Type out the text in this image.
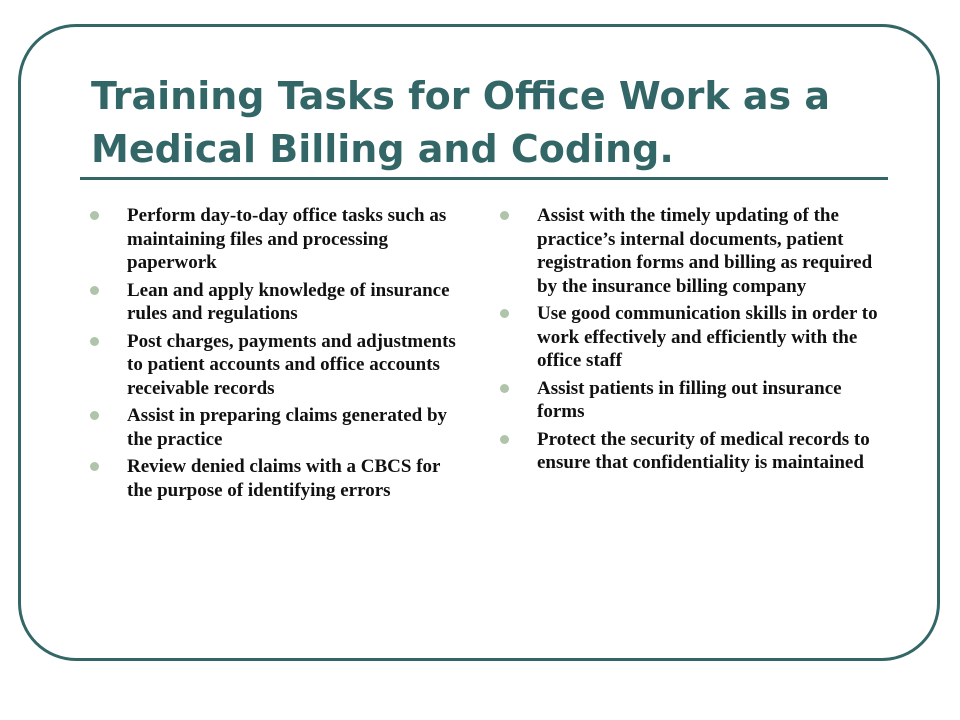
Training Tasks for Office Work as a Medical Billing and Coding.
Perform day-to-day office tasks such as maintaining files and processing paperwork
Lean and apply knowledge of insurance rules and regulations
Post charges, payments and adjustments to patient accounts and office accounts receivable records
Assist in preparing claims generated by the practice
Review denied claims with a CBCS for the purpose of identifying errors
Assist with the timely updating of the practice’s internal documents, patient registration forms and billing as required by the insurance billing company
Use good communication skills in order to work effectively and efficiently with the office staff
Assist patients in filling out insurance forms
Protect the security of medical records to ensure that confidentiality is maintained
